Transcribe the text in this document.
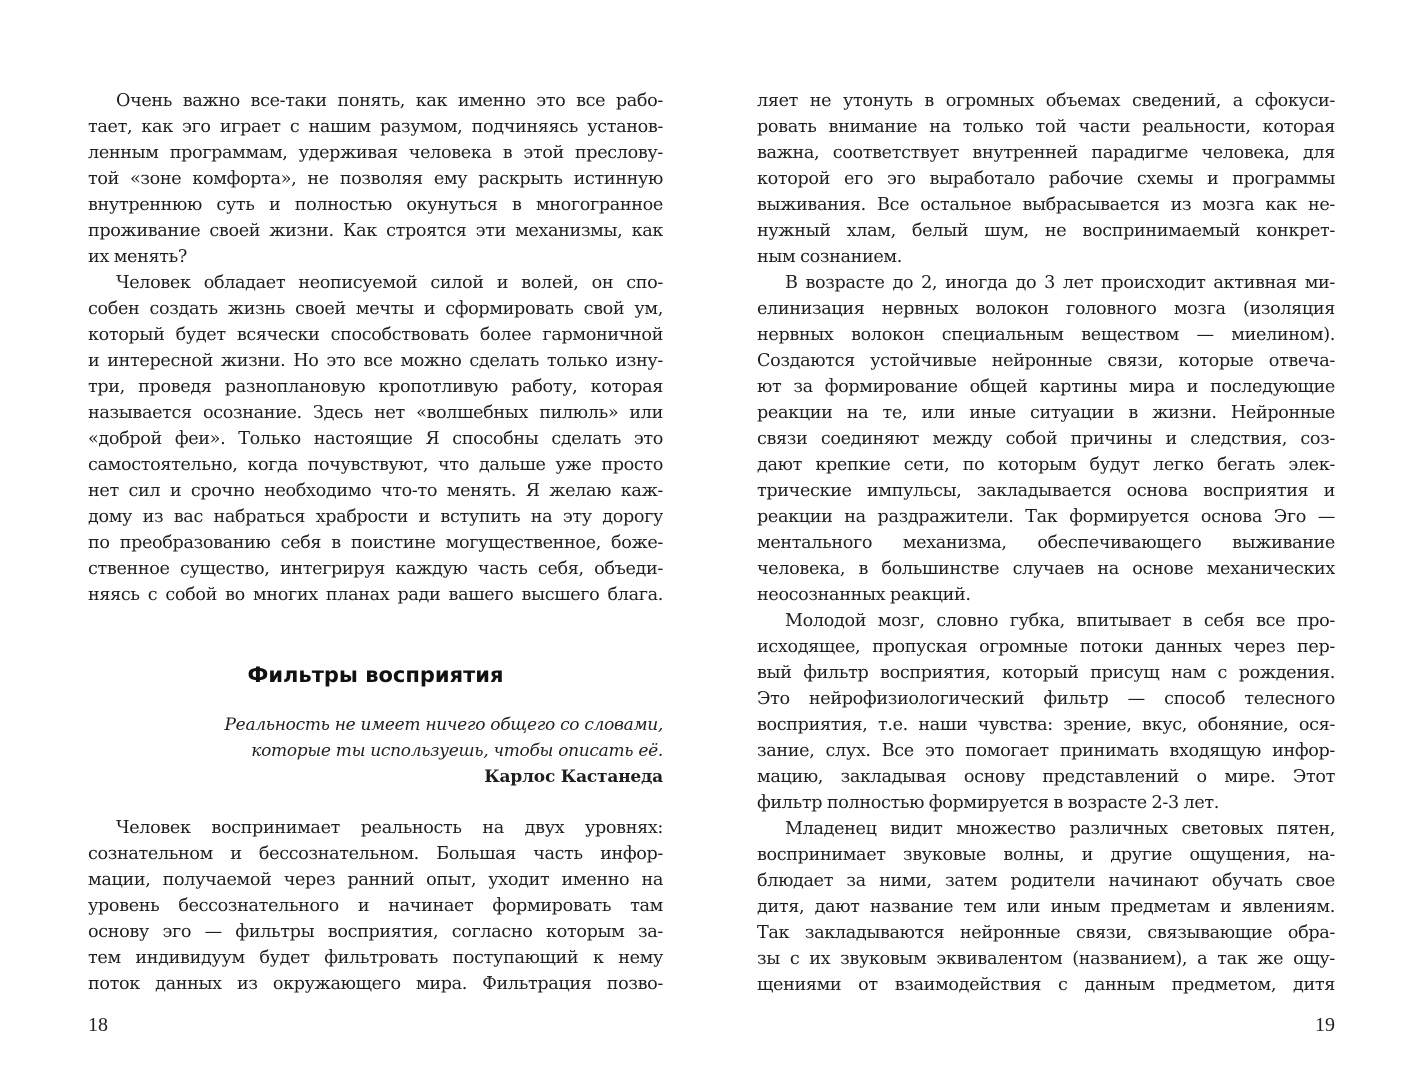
Очень важно все-таки понять, как именно это все рабо-
тает, как эго играет с нашим разумом, подчиняясь установ-
ленным программам, удерживая человека в этой преслову-
той «зоне комфорта», не позволяя ему раскрыть истинную
внутреннюю суть и полностью окунуться в многогранное
проживание своей жизни. Как строятся эти механизмы, как
их менять?

Человек обладает неописуемой силой и волей, он спо-
собен создать жизнь своей мечты и сформировать свой ум,
который будет всячески способствовать более гармоничной
и интересной жизни. Но это все можно сделать только изну-
три, проведя разноплановую кропотливую работу, которая
называется осознание. Здесь нет «волшебных пилюль» или
«доброй феи». Только настоящие Я способны сделать это
самостоятельно, когда почувствуют, что дальше уже просто
нет сил и срочно необходимо что-то менять. Я желаю каж-
дому из вас набраться храбрости и вступить на эту дорогу
по преобразованию себя в поистине могущественное, боже-
ственное существо, интегрируя каждую часть себя, объеди-
няясь с собой во многих планах ради вашего высшего блага.

Фильтры восприятия
Реальность не имеет ничего общего со словами,
которые ты используешь, чтобы описать её.
Карлос Кастанеда
Человек воспринимает реальность на двух уровнях:
сознательном и бессознательном. Большая часть инфор-
мации, получаемой через ранний опыт, уходит именно на
уровень бессознательного и начинает формировать там
основу эго — фильтры восприятия, согласно которым за-
тем индивидуум будет фильтровать поступающий к нему
поток данных из окружающего мира. Фильтрация позво-
18

ляет не утонуть в огромных объемах сведений, а сфокуси-
ровать внимание на только той части реальности, которая
важна, соответствует внутренней парадигме человека, для
которой его эго выработало рабочие схемы и программы
выживания. Все остальное выбрасывается из мозга как не-
нужный хлам, белый шум, не воспринимаемый конкрет-
ным сознанием.

В возрасте до 2, иногда до 3 лет происходит активная ми-
елинизация нервных волокон головного мозга (изоляция
нервных волокон специальным веществом — миелином).
Создаются устойчивые нейронные связи, которые отвеча-
ют за формирование общей картины мира и последующие
реакции на те, или иные ситуации в жизни. Нейронные
связи соединяют между собой причины и следствия, соз-
дают крепкие сети, по которым будут легко бегать элек-
трические импульсы, закладывается основа восприятия и
реакции на раздражители. Так формируется основа Эго —
ментального механизма, обеспечивающего выживание
человека, в большинстве случаев на основе механических
неосознанных реакций.

Молодой мозг, словно губка, впитывает в себя все про-
исходящее, пропуская огромные потоки данных через пер-
вый фильтр восприятия, который присущ нам с рождения.
Это нейрофизиологический фильтр — способ телесного
восприятия, т.е. наши чувства: зрение, вкус, обоняние, ося-
зание, слух. Все это помогает принимать входящую инфор-
мацию, закладывая основу представлений о мире. Этот
фильтр полностью формируется в возрасте 2-3 лет.

Младенец видит множество различных световых пятен,
воспринимает звуковые волны, и другие ощущения, на-
блюдает за ними, затем родители начинают обучать свое
дитя, дают название тем или иным предметам и явлениям.
Так закладываются нейронные связи, связывающие обра-
зы с их звуковым эквивалентом (названием), а так же ощу-
щениями от взаимодействия с данным предметом, дитя

19
